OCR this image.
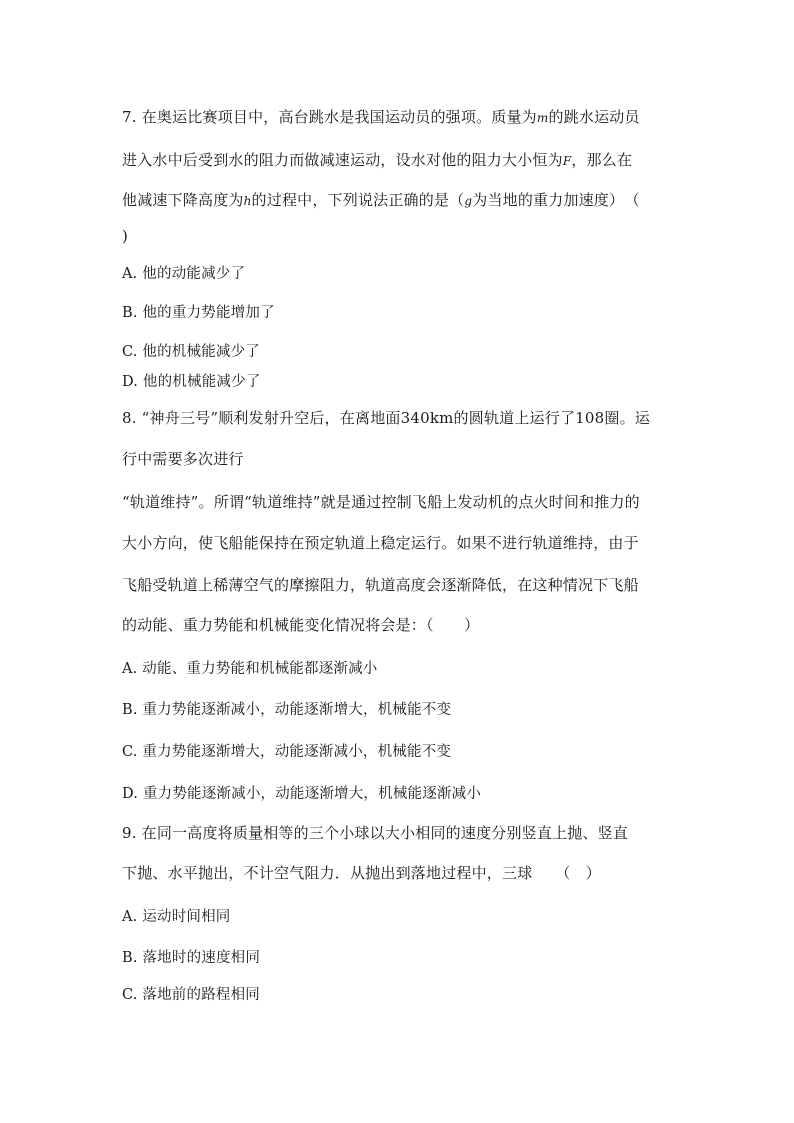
7. 在奥运比赛项目中，高台跳水是我国运动员的强项。质量为m的跳水运动员
进入水中后受到水的阻力而做减速运动，设水对他的阻力大小恒为F，那么在
他减速下降高度为h的过程中，下列说法正确的是（g为当地的重力加速度）　（
)
A. 他的动能减少了
B. 他的重力势能增加了
C. 他的机械能减少了
D. 他的机械能减少了
8. “神舟三号”顺利发射升空后，在离地面340km的圆轨道上运行了108圈。运
行中需要多次进行
“轨道维持”。所谓“轨道维持”就是通过控制飞船上发动机的点火时间和推力的
大小方向，使飞船能保持在预定轨道上稳定运行。如果不进行轨道维持，由于
飞船受轨道上稀薄空气的摩擦阻力，轨道高度会逐渐降低，在这种情况下飞船
的动能、重力势能和机械能变化情况将会是：（　　）
A. 动能、重力势能和机械能都逐渐减小
B. 重力势能逐渐减小，动能逐渐增大，机械能不变
C. 重力势能逐渐增大，动能逐渐减小，机械能不变
D. 重力势能逐渐减小，动能逐渐增大，机械能逐渐减小
9. 在同一高度将质量相等的三个小球以大小相同的速度分别竖直上抛、竖直
下抛、水平抛出，不计空气阻力．从抛出到落地过程中，三球　　（　）
A. 运动时间相同
B. 落地时的速度相同
C. 落地前的路程相同
